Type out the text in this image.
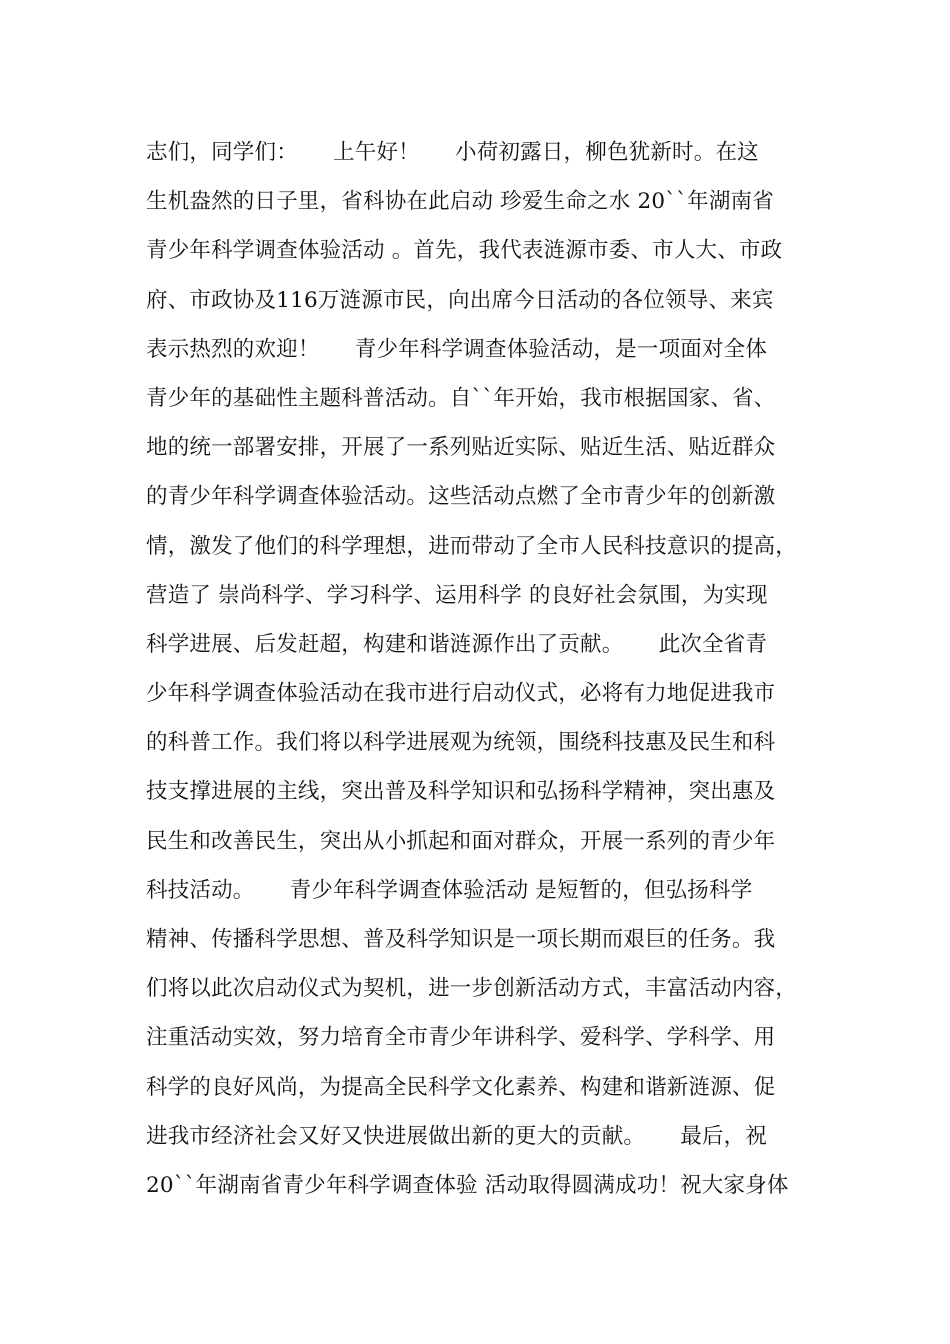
志们，同学们：     上午好！     小荷初露日，柳色犹新时。在这
生机盎然的日子里，省科协在此启动 珍爱生命之水 20``年湖南省
青少年科学调查体验活动 。首先，我代表涟源市委、市人大、市政
府、市政协及116万涟源市民，向出席今日活动的各位领导、来宾
表示热烈的欢迎！     青少年科学调查体验活动，是一项面对全体
青少年的基础性主题科普活动。自``年开始，我市根据国家、省、
地的统一部署安排，开展了一系列贴近实际、贴近生活、贴近群众
的青少年科学调查体验活动。这些活动点燃了全市青少年的创新激
情，激发了他们的科学理想，进而带动了全市人民科技意识的提高，
营造了 崇尚科学、学习科学、运用科学 的良好社会氛围，为实现
科学进展、后发赶超，构建和谐涟源作出了贡献。     此次全省青
少年科学调查体验活动在我市进行启动仪式，必将有力地促进我市
的科普工作。我们将以科学进展观为统领，围绕科技惠及民生和科
技支撑进展的主线，突出普及科学知识和弘扬科学精神，突出惠及
民生和改善民生，突出从小抓起和面对群众，开展一系列的青少年
科技活动。     青少年科学调查体验活动 是短暂的，但弘扬科学
精神、传播科学思想、普及科学知识是一项长期而艰巨的任务。我
们将以此次启动仪式为契机，进一步创新活动方式，丰富活动内容，
注重活动实效，努力培育全市青少年讲科学、爱科学、学科学、用
科学的良好风尚，为提高全民科学文化素养、构建和谐新涟源、促
进我市经济社会又好又快进展做出新的更大的贡献。     最后，祝
20``年湖南省青少年科学调查体验 活动取得圆满成功！祝大家身体
